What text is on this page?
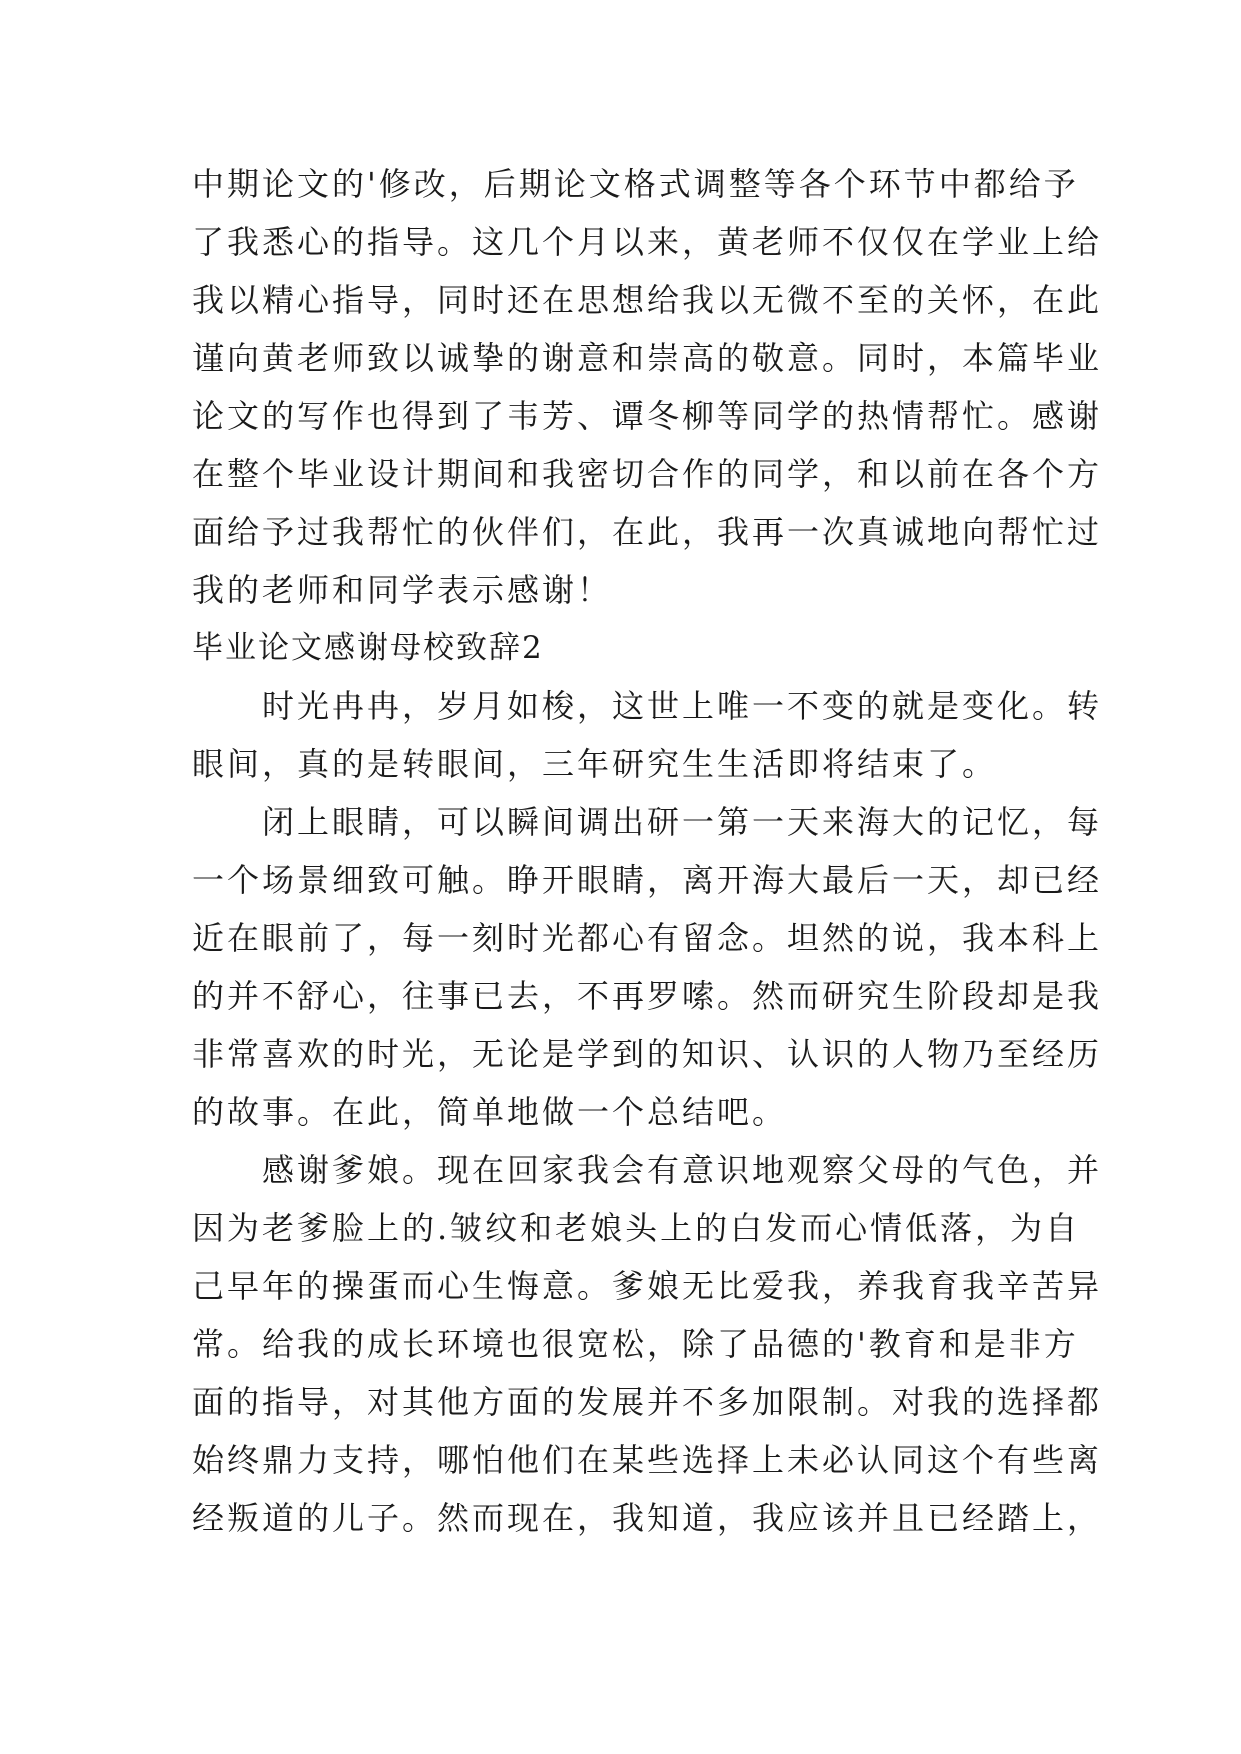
中期论文的'修改，后期论文格式调整等各个环节中都给予
了我悉心的指导。这几个月以来，黄老师不仅仅在学业上给
我以精心指导，同时还在思想给我以无微不至的关怀，在此
谨向黄老师致以诚挚的谢意和崇高的敬意。同时，本篇毕业
论文的写作也得到了韦芳、谭冬柳等同学的热情帮忙。感谢
在整个毕业设计期间和我密切合作的同学，和以前在各个方
面给予过我帮忙的伙伴们，在此，我再一次真诚地向帮忙过
我的老师和同学表示感谢！
毕业论文感谢母校致辞2
　　时光冉冉，岁月如梭，这世上唯一不变的就是变化。转
眼间，真的是转眼间，三年研究生生活即将结束了。
　　闭上眼睛，可以瞬间调出研一第一天来海大的记忆，每
一个场景细致可触。睁开眼睛，离开海大最后一天，却已经
近在眼前了，每一刻时光都心有留念。坦然的说，我本科上
的并不舒心，往事已去，不再罗嗦。然而研究生阶段却是我
非常喜欢的时光，无论是学到的知识、认识的人物乃至经历
的故事。在此，简单地做一个总结吧。
　　感谢爹娘。现在回家我会有意识地观察父母的气色，并
因为老爹脸上的.皱纹和老娘头上的白发而心情低落，为自
己早年的操蛋而心生悔意。爹娘无比爱我，养我育我辛苦异
常。给我的成长环境也很宽松，除了品德的'教育和是非方
面的指导，对其他方面的发展并不多加限制。对我的选择都
始终鼎力支持，哪怕他们在某些选择上未必认同这个有些离
经叛道的儿子。然而现在，我知道，我应该并且已经踏上，
